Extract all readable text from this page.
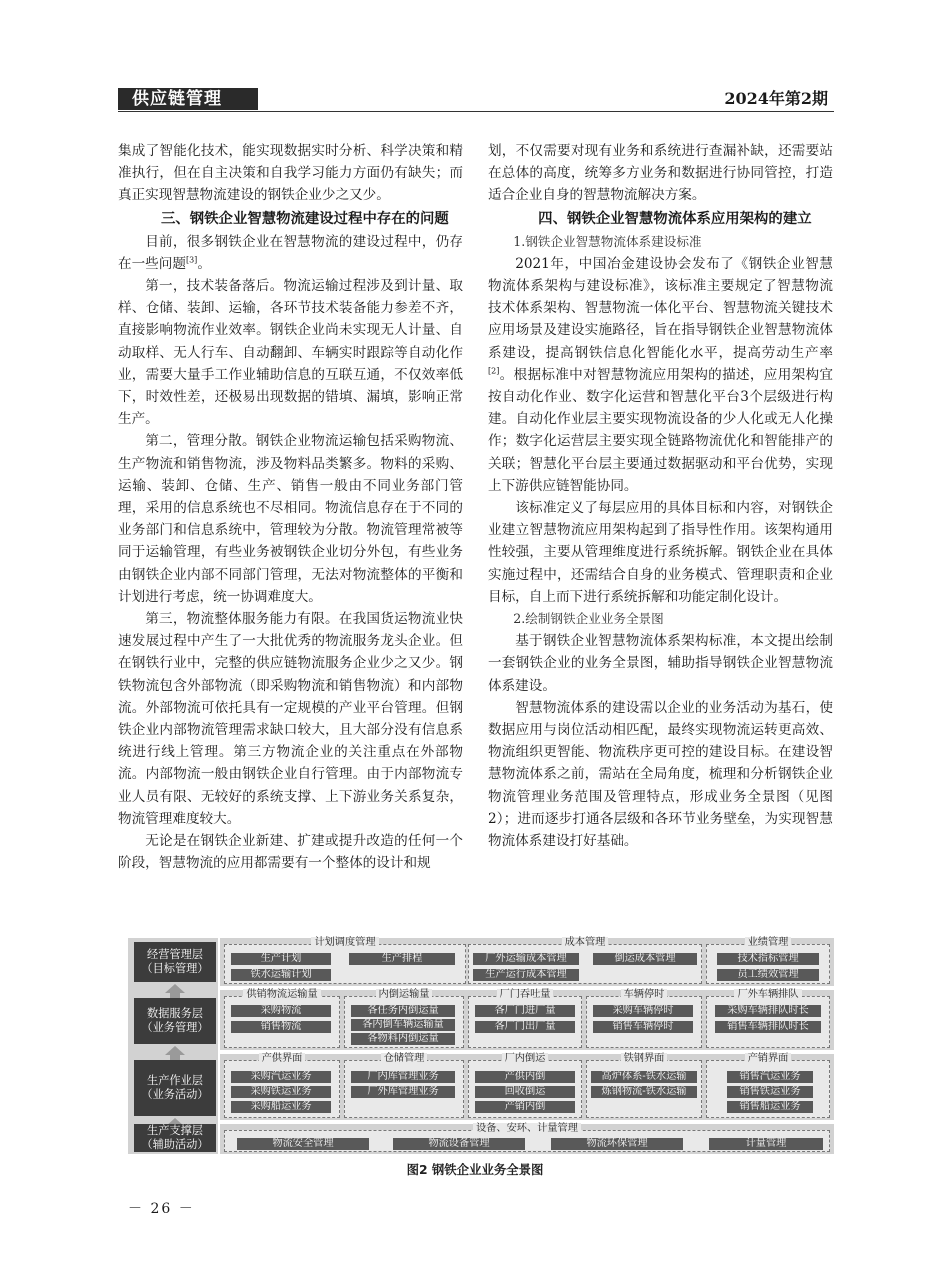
供应链管理	2024年第2期

集成了智能化技术，能实现数据实时分析、科学决策和精准执行，但在自主决策和自我学习能力方面仍有缺失；而真正实现智慧物流建设的钢铁企业少之又少。

三、钢铁企业智慧物流建设过程中存在的问题

目前，很多钢铁企业在智慧物流的建设过程中，仍存在一些问题[3]。

第一，技术装备落后。物流运输过程涉及到计量、取样、仓储、装卸、运输，各环节技术装备能力参差不齐，直接影响物流作业效率。钢铁企业尚未实现无人计量、自动取样、无人行车、自动翻卸、车辆实时跟踪等自动化作业，需要大量手工作业辅助信息的互联互通，不仅效率低下，时效性差，还极易出现数据的错填、漏填，影响正常生产。

第二，管理分散。钢铁企业物流运输包括采购物流、生产物流和销售物流，涉及物料品类繁多。物料的采购、运输、装卸、仓储、生产、销售一般由不同业务部门管理，采用的信息系统也不尽相同。物流信息存在于不同的业务部门和信息系统中，管理较为分散。物流管理常被等同于运输管理，有些业务被钢铁企业切分外包，有些业务由钢铁企业内部不同部门管理，无法对物流整体的平衡和计划进行考虑，统一协调难度大。

第三，物流整体服务能力有限。在我国货运物流业快速发展过程中产生了一大批优秀的物流服务龙头企业。但在钢铁行业中，完整的供应链物流服务企业少之又少。钢铁物流包含外部物流（即采购物流和销售物流）和内部物流。外部物流可依托具有一定规模的产业平台管理。但钢铁企业内部物流管理需求缺口较大，且大部分没有信息系统进行线上管理。第三方物流企业的关注重点在外部物流。内部物流一般由钢铁企业自行管理。由于内部物流专业人员有限、无较好的系统支撑、上下游业务关系复杂，物流管理难度较大。

无论是在钢铁企业新建、扩建或提升改造的任何一个阶段，智慧物流的应用都需要有一个整体的设计和规

划，不仅需要对现有业务和系统进行查漏补缺，还需要站在总体的高度，统筹多方业务和数据进行协同管控，打造适合企业自身的智慧物流解决方案。

四、钢铁企业智慧物流体系应用架构的建立

1.钢铁企业智慧物流体系建设标准

2021年，中国冶金建设协会发布了《钢铁企业智慧物流体系架构与建设标准》，该标准主要规定了智慧物流技术体系架构、智慧物流一体化平台、智慧物流关键技术应用场景及建设实施路径，旨在指导钢铁企业智慧物流体系建设，提高钢铁信息化智能化水平，提高劳动生产率[2]。根据标准中对智慧物流应用架构的描述，应用架构宜按自动化作业、数字化运营和智慧化平台3个层级进行构建。自动化作业层主要实现物流设备的少人化或无人化操作；数字化运营层主要实现全链路物流优化和智能排产的关联；智慧化平台层主要通过数据驱动和平台优势，实现上下游供应链智能协同。

该标准定义了每层应用的具体目标和内容，对钢铁企业建立智慧物流应用架构起到了指导性作用。该架构通用性较强，主要从管理维度进行系统拆解。钢铁企业在具体实施过程中，还需结合自身的业务模式、管理职责和企业目标，自上而下进行系统拆解和功能定制化设计。

2.绘制钢铁企业业务全景图

基于钢铁企业智慧物流体系架构标准，本文提出绘制一套钢铁企业的业务全景图，辅助指导钢铁企业智慧物流体系建设。

智慧物流体系的建设需以企业的业务活动为基石，使数据应用与岗位活动相匹配，最终实现物流运转更高效、物流组织更智能、物流秩序更可控的建设目标。在建设智慧物流体系之前，需站在全局角度，梳理和分析钢铁企业物流管理业务范围及管理特点，形成业务全景图（见图2）；进而逐步打通各层级和各环节业务壁垒，为实现智慧物流体系建设打好基础。

经营管理层
（目标管理）
数据服务层
（业务管理）
生产作业层
（业务活动）
生产支撑层
（辅助活动）
计划调度管理
生产计划	生产排程
铁水运输计划
成本管理
厂外运输成本管理	倒运成本管理
生产运行成本管理
业绩管理
技术指标管理
员工绩效管理
供销物流运输量
采购物流
销售物流
内倒运输量
各任务内倒运量
各内倒车辆运输量
各物料内倒运量
厂门吞吐量
各厂门进厂量
各厂门出厂量
车辆停时
采购车辆停时
销售车辆停时
厂外车辆排队
采购车辆排队时长
销售车辆排队时长
产供界面
采购汽运业务
采购铁运业务
采购船运业务
仓储管理
厂内库管理业务
厂外库管理业务
厂内倒运
产供内倒
回收倒运
产销内倒
铁钢界面
高炉体系-铁水运输
炼钢物流-铁水运输
产销界面
销售汽运业务
销售铁运业务
销售船运业务
设备、安环、计量管理
物流安全管理	物流设备管理	物流环保管理	计量管理
图2 钢铁企业业务全景图
－ 26 －
